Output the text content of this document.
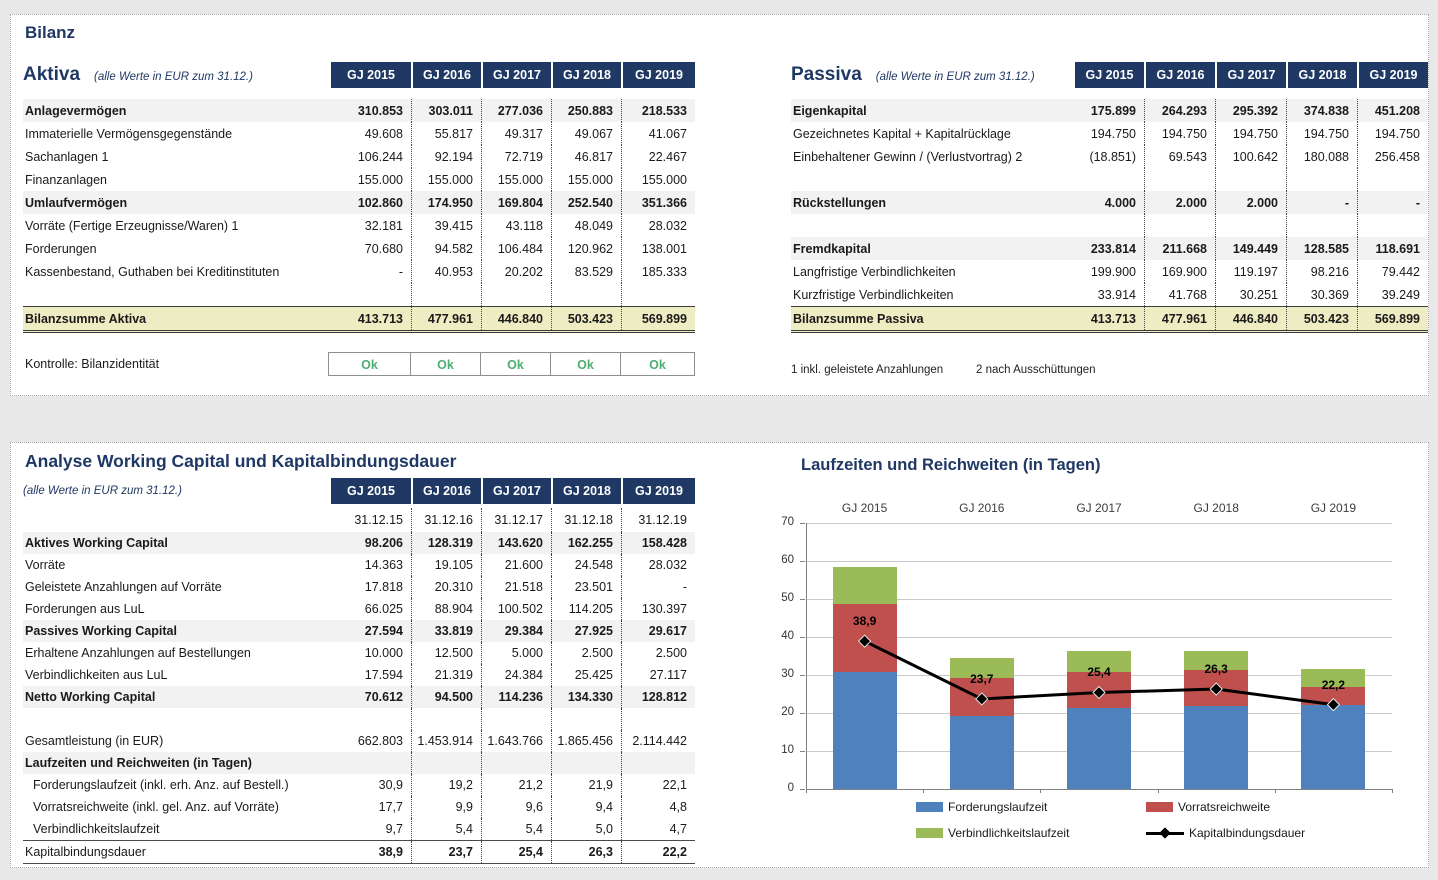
Bilanz
Aktiva (alle Werte in EUR zum 31.12.)	GJ 2015	GJ 2016	GJ 2017	GJ 2018	GJ 2019
Anlagevermögen	310.853	303.011	277.036	250.883	218.533
Immaterielle Vermögensgegenstände	49.608	55.817	49.317	49.067	41.067
Sachanlagen 1	106.244	92.194	72.719	46.817	22.467
Finanzanlagen	155.000	155.000	155.000	155.000	155.000
Umlaufvermögen	102.860	174.950	169.804	252.540	351.366
Vorräte (Fertige Erzeugnisse/Waren) 1	32.181	39.415	43.118	48.049	28.032
Forderungen	70.680	94.582	106.484	120.962	138.001
Kassenbestand, Guthaben bei Kreditinstituten	-	40.953	20.202	83.529	185.333
Bilanzsumme Aktiva	413.713	477.961	446.840	503.423	569.899
Passiva (alle Werte in EUR zum 31.12.)	GJ 2015	GJ 2016	GJ 2017	GJ 2018	GJ 2019
Eigenkapital	175.899	264.293	295.392	374.838	451.208
Gezeichnetes Kapital + Kapitalrücklage	194.750	194.750	194.750	194.750	194.750
Einbehaltener Gewinn / (Verlustvortrag) 2	(18.851)	69.543	100.642	180.088	256.458
Rückstellungen	4.000	2.000	2.000	-	-
Fremdkapital	233.814	211.668	149.449	128.585	118.691
Langfristige Verbindlichkeiten	199.900	169.900	119.197	98.216	79.442
Kurzfristige Verbindlichkeiten	33.914	41.768	30.251	30.369	39.249
Bilanzsumme Passiva	413.713	477.961	446.840	503.423	569.899
Kontrolle: Bilanzidentität	Ok	Ok	Ok	Ok	Ok	1 inkl. geleistete Anzahlungen	2 nach Ausschüttungen
Analyse Working Capital und Kapitalbindungsdauer
(alle Werte in EUR zum 31.12.)	GJ 2015	GJ 2016	GJ 2017	GJ 2018	GJ 2019
31.12.15	31.12.16	31.12.17	31.12.18	31.12.19
Aktives Working Capital	98.206	128.319	143.620	162.255	158.428
Vorräte	14.363	19.105	21.600	24.548	28.032
Geleistete Anzahlungen auf Vorräte	17.818	20.310	21.518	23.501	-
Forderungen aus LuL	66.025	88.904	100.502	114.205	130.397
Passives Working Capital	27.594	33.819	29.384	27.925	29.617
Erhaltene Anzahlungen auf Bestellungen	10.000	12.500	5.000	2.500	2.500
Verbindlichkeiten aus LuL	17.594	21.319	24.384	25.425	27.117
Netto Working Capital	70.612	94.500	114.236	134.330	128.812
Gesamtleistung (in EUR)	662.803	1.453.914	1.643.766	1.865.456	2.114.442
Laufzeiten und Reichweiten (in Tagen)
Forderungslaufzeit (inkl. erh. Anz. auf Bestell.)	30,9	19,2	21,2	21,9	22,1
Vorratsreichweite (inkl. gel. Anz. auf Vorräte)	17,7	9,9	9,6	9,4	4,8
Verbindlichkeitslaufzeit	9,7	5,4	5,4	5,0	4,7
Kapitalbindungsdauer	38,9	23,7	25,4	26,3	22,2
Laufzeiten und Reichweiten (in Tagen)
0
10
20
30
40
50
60
70
GJ 2015	GJ 2016	GJ 2017	GJ 2018	GJ 2019
38,9
23,7	25,4	26,3
22,2
Forderungslaufzeit	Vorratsreichweite
Verbindlichkeitslaufzeit	Kapitalbindungsdauer
